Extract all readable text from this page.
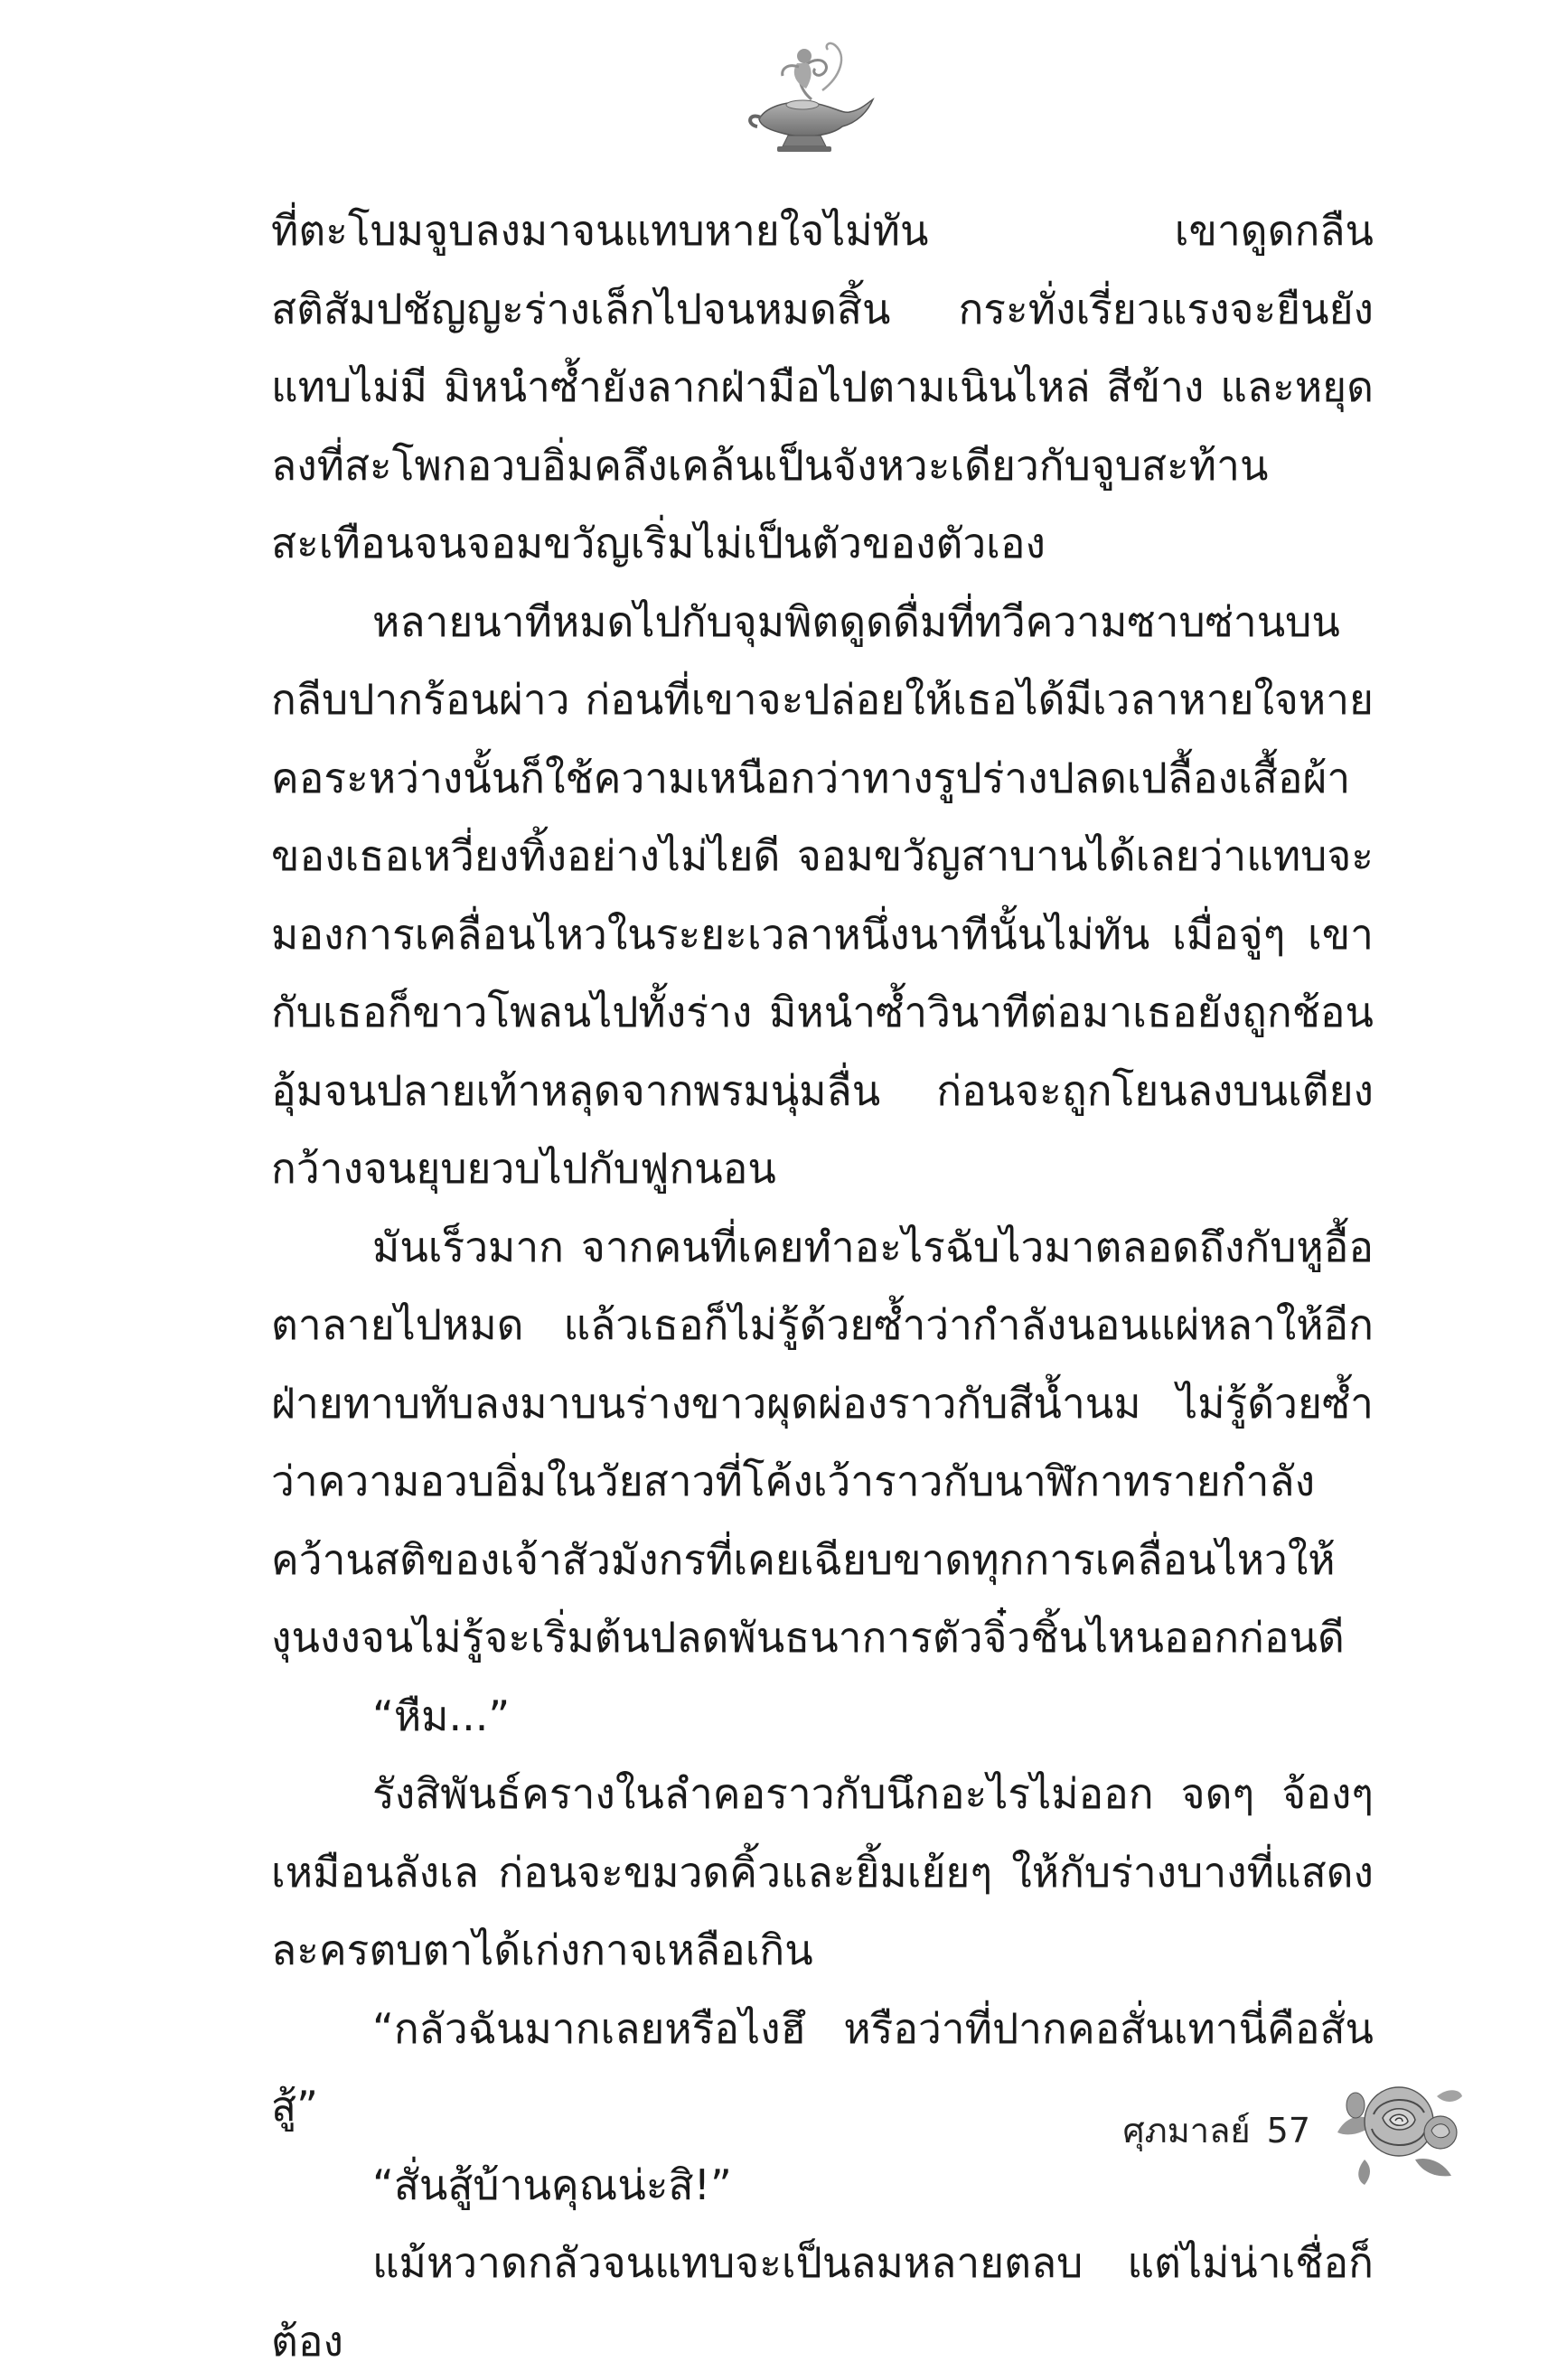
ที่ตะโบมจูบลงมาจนแทบหายใจไม่ทัน เขาดูดกลืนสติสัมปชัญญะร่างเล็กไปจนหมดสิ้น กระทั่งเรี่ยวแรงจะยืนยังแทบไม่มี มิหนำซ้ำยังลากฝ่ามือไปตามเนินไหล่ สีข้าง และหยุดลงที่สะโพกอวบอิ่มคลึงเคล้นเป็นจังหวะเดียวกับจูบสะท้านสะเทือนจนจอมขวัญเริ่มไม่เป็นตัวของตัวเอง

หลายนาทีหมดไปกับจุมพิตดูดดื่มที่ทวีความซาบซ่านบนกลีบปากร้อนผ่าว ก่อนที่เขาจะปล่อยให้เธอได้มีเวลาหายใจหายคอระหว่างนั้นก็ใช้ความเหนือกว่าทางรูปร่างปลดเปลื้องเสื้อผ้าของเธอเหวี่ยงทิ้งอย่างไม่ไยดี จอมขวัญสาบานได้เลยว่าแทบจะมองการเคลื่อนไหวในระยะเวลาหนึ่งนาทีนั้นไม่ทัน เมื่อจู่ๆ เขากับเธอก็ขาวโพลนไปทั้งร่าง มิหนำซ้ำวินาทีต่อมาเธอยังถูกช้อนอุ้มจนปลายเท้าหลุดจากพรมนุ่มลื่น ก่อนจะถูกโยนลงบนเตียงกว้างจนยุบยวบไปกับฟูกนอน

มันเร็วมาก จากคนที่เคยทำอะไรฉับไวมาตลอดถึงกับหูอื้อตาลายไปหมด แล้วเธอก็ไม่รู้ด้วยซ้ำว่ากำลังนอนแผ่หลาให้อีกฝ่ายทาบทับลงมาบนร่างขาวผุดผ่องราวกับสีน้ำนม ไม่รู้ด้วยซ้ำว่าความอวบอิ่มในวัยสาวที่โค้งเว้าราวกับนาฬิกาทรายกำลังคว้านสติของเจ้าสัวมังกรที่เคยเฉียบขาดทุกการเคลื่อนไหวให้งุนงงจนไม่รู้จะเริ่มต้นปลดพันธนาการตัวจิ๋วชิ้นไหนออกก่อนดี

“หืม...”

รังสิพันธ์ครางในลำคอราวกับนึกอะไรไม่ออก จดๆ จ้องๆ เหมือนลังเล ก่อนจะขมวดคิ้วและยิ้มเย้ยๆ ให้กับร่างบางที่แสดงละครตบตาได้เก่งกาจเหลือเกิน

“กลัวฉันมากเลยหรือไงฮึ หรือว่าที่ปากคอสั่นเทานี่คือสั่นสู้”

“สั่นสู้บ้านคุณน่ะสิ!”

แม้หวาดกลัวจนแทบจะเป็นลมหลายตลบ แต่ไม่น่าเชื่อก็ต้อง

ศุภมาลย์ 57
